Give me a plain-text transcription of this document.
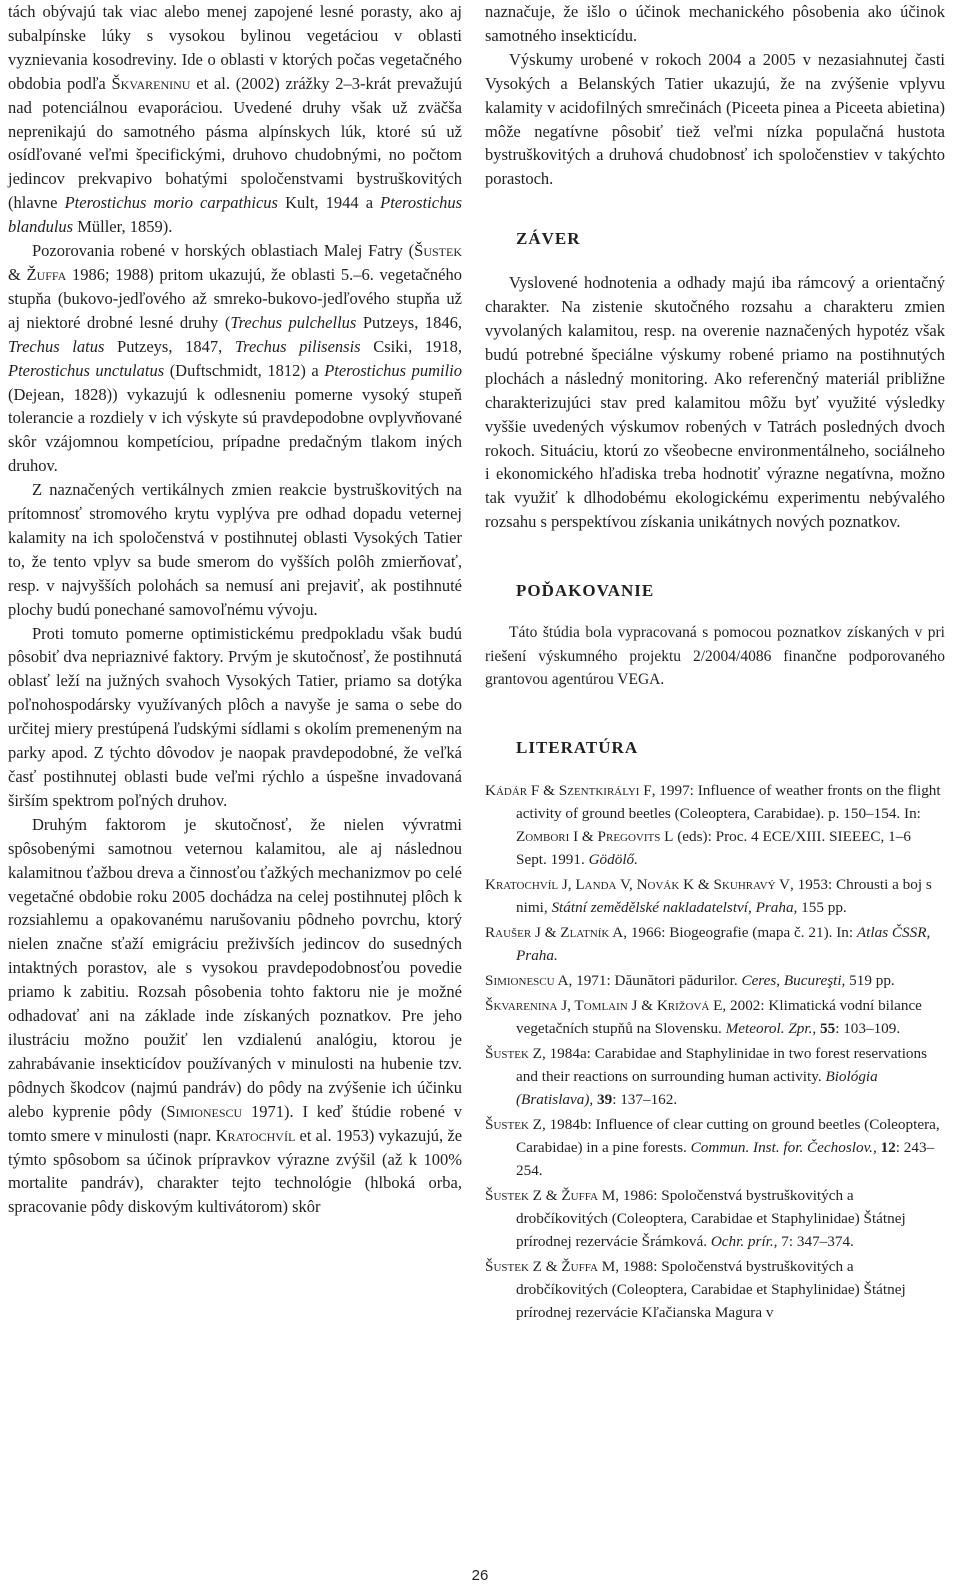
tách obývajú tak viac alebo menej zapojené lesné porasty, ako aj subalpínske lúky s vysokou bylinou vegetáciou v oblasti vyznievania kosodreviny. Ide o oblasti v ktorých počas vegetačného obdobia podľa Škvareninu et al. (2002) zrážky 2–3-krát prevažujú nad potenciálnou evaporáciou. Uvedené druhy však už zväčša neprenikajú do samotného pásma alpínskych lúk, ktoré sú už osídľované veľmi špecifickými, druhovo chudobnými, no počtom jedincov prekvapivo bohatými spoločenstvami bystruškovitých (hlavne Pterostichus morio carpathicus Kult, 1944 a Pterostichus blandulus Müller, 1859).

Pozorovania robené v horských oblastiach Malej Fatry (Šustek & Žuffa 1986; 1988) pritom ukazujú, že oblasti 5.–6. vegetačného stupňa (bukovo-jedľového až smreko-bukovo-jedľového stupňa už aj niektoré drobné lesné druhy (Trechus pulchellus Putzeys, 1846, Trechus latus Putzeys, 1847, Trechus pilisensis Csiki, 1918, Pterostichus unctulatus (Duftschmidt, 1812) a Pterostichus pumilio (Dejean, 1828)) vykazujú k odlesneniu pomerne vysoký stupeň tolerancie a rozdiely v ich výskyte sú pravdepodobne ovplyvňované skôr vzájomnou kompetíciou, prípadne predačným tlakom iných druhov.

Z naznačených vertikálnych zmien reakcie bystruškovitých na prítomnosť stromového krytu vyplýva pre odhad dopadu veternej kalamity na ich spoločenstvá v postihnutej oblasti Vysokých Tatier to, že tento vplyv sa bude smerom do vyšších polôh zmierňovať, resp. v najvyšších polohách sa nemusí ani prejaviť, ak postihnuté plochy budú ponechané samovoľnému vývoju.

Proti tomuto pomerne optimistickému predpokladu však budú pôsobiť dva nepriaznivé faktory. Prvým je skutočnosť, že postihnutá oblasť leží na južných svahoch Vysokých Tatier, priamo sa dotýka poľnohospodársky využívaných plôch a navyše je sama o sebe do určitej miery prestúpená ľudskými sídlami s okolím premeneným na parky apod. Z týchto dôvodov je naopak pravdepodobné, že veľká časť postihnutej oblasti bude veľmi rýchlo a úspešne invadovaná širším spektrom poľných druhov.

Druhým faktorom je skutočnosť, že nielen vývratmi spôsobenými samotnou veternou kalamitou, ale aj následnou kalamitnou ťažbou dreva a činnosťou ťažkých mechanizmov po celé vegetačné obdobie roku 2005 dochádza na celej postihnutej plôch k rozsiahlemu a opakovanému narušovaniu pôdneho povrchu, ktorý nielen značne sťaží emigráciu preživších jedincov do susedných intaktných porastov, ale s vysokou pravdepodobnosťou povedie priamo k zabitiu. Rozsah pôsobenia tohto faktoru nie je možné odhadovať ani na základe inde získaných poznatkov. Pre jeho ilustráciu možno použiť len vzdialenú analógiu, ktorou je zahrabávanie insekticídov používaných v minulosti na hubenie tzv. pôdnych škodcov (najmú pandráv) do pôdy na zvýšenie ich účinku alebo kyprenie pôdy (Simionescu 1971). I keď štúdie robené v tomto smere v minulosti (napr. Kratochvíl et al. 1953) vykazujú, že týmto spôsobom sa účinok prípravkov výrazne zvýšil (až k 100% mortalite pandráv), charakter tejto technológie (hlboká orba, spracovanie pôdy diskovým kultivátorom) skôr

naznačuje, že išlo o účinok mechanického pôsobenia ako účinok samotného insekticídu.

Výskumy urobené v rokoch 2004 a 2005 v nezasiahnutej časti Vysokých a Belanských Tatier ukazujú, že na zvýšenie vplyvu kalamity v acidofilných smrečinách (Piceeta pinea a Piceeta abietina) môže negatívne pôsobiť tiež veľmi nízka populačná hustota bystruškovitých a druhová chudobnosť ich spoločenstiev v takýchto porastoch.

ZÁVER

Vyslovené hodnotenia a odhady majú iba rámcový a orientačný charakter. Na zistenie skutočného rozsahu a charakteru zmien vyvolaných kalamitou, resp. na overenie naznačených hypotéz však budú potrebné špeciálne výskumy robené priamo na postihnutých plochách a následný monitoring. Ako referenčný materiál približne charakterizujúci stav pred kalamitou môžu byť využité výsledky vyššie uvedených výskumov robených v Tatrách posledných dvoch rokoch. Situáciu, ktorú zo všeobecne environmentálneho, sociálneho i ekonomického hľadiska treba hodnotiť výrazne negatívna, možno tak využiť k dlhodobému ekologickému experimentu nebývalého rozsahu s perspektívou získania unikátnych nových poznatkov.

POĎAKOVANIE

Táto štúdia bola vypracovaná s pomocou poznatkov získaných v pri riešení výskumného projektu 2/2004/4086 finančne podporovaného grantovou agentúrou VEGA.

LITERATÚRA

Kádár F & Szentkirályi F, 1997: Influence of weather fronts on the flight activity of ground beetles (Coleoptera, Carabidae). p. 150–154. In: Zombori I & Pregovits L (eds): Proc. 4 ECE/XIII. SIEEEC, 1–6 Sept. 1991. Gödölő.

Kratochvíl J, Landa V, Novák K & Skuhravý V, 1953: Chrousti a boj s nimi, Státní zemědělské nakladatelství, Praha, 155 pp.

Raušer J & Zlatník A, 1966: Biogeografie (mapa č. 21). In: Atlas ČSSR, Praha.

Simionescu A, 1971: Dăunători pădurilor. Ceres, Bucureşti, 519 pp.

Škvarenina J, Tomlain J & Križová E, 2002: Klimatická vodní bilance vegetačních stupňů na Slovensku. Meteorol. Zpr., 55: 103–109.

Šustek Z, 1984a: Carabidae and Staphylinidae in two forest reservations and their reactions on surrounding human activity. Biológia (Bratislava), 39: 137–162.

Šustek Z, 1984b: Influence of clear cutting on ground beetles (Coleoptera, Carabidae) in a pine forests. Commun. Inst. for. Čechoslov., 12: 243–254.

Šustek Z & Žuffa M, 1986: Spoločenstvá bystruškovitých a drobčíkovitých (Coleoptera, Carabidae et Staphylinidae) Štátnej prírodnej rezervácie Šrámková. Ochr. prír., 7: 347–374.

Šustek Z & Žuffa M, 1988: Spoločenstvá bystruškovitých a drobčíkovitých (Coleoptera, Carabidae et Staphylinidae) Štátnej prírodnej rezervácie Kľačianska Magura v

26
